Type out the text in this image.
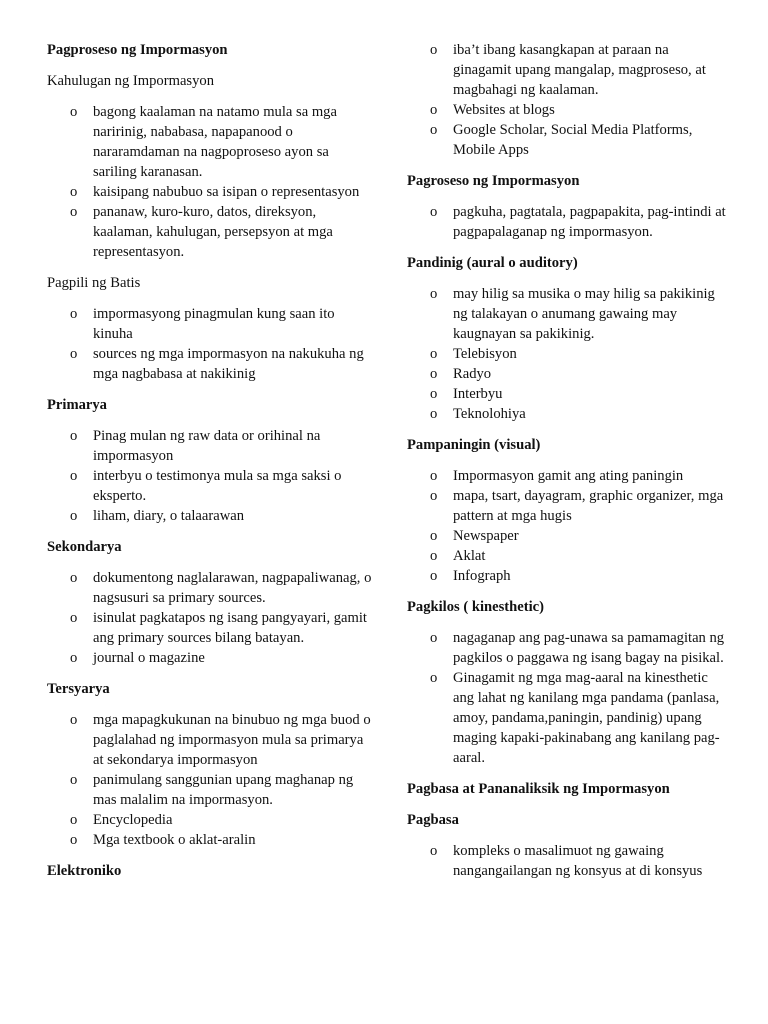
Pagproseso ng Impormasyon

Kahulugan ng Impormasyon

o bagong kaalaman na natamo mula sa mga naririnig, nababasa, napapanood o nararamdaman na nagpoproseso ayon sa sariling karanasan.
o kaisipang nabubuo sa isipan o representasyon
o pananaw, kuro-kuro, datos, direksyon, kaalaman, kahulugan, persepsyon at mga representasyon.

Pagpili ng Batis

o impormasyong pinagmulan kung saan ito kinuha
o sources ng mga impormasyon na nakukuha ng mga nagbabasa at nakikinig

Primarya

o Pinag mulan ng raw data or orihinal na impormasyon
o interbyu o testimonya mula sa mga saksi o eksperto.
o liham, diary, o talaarawan

Sekondarya

o dokumentong naglalarawan, nagpapaliwanag, o nagsusuri sa primary sources.
o isinulat pagkatapos ng isang pangyayari, gamit ang primary sources bilang batayan.
o journal o magazine

Tersyarya

o mga mapagkukunan na binubuo ng mga buod o paglalahad ng impormasyon mula sa primarya at sekondarya impormasyon
o panimulang sanggunian upang maghanap ng mas malalim na impormasyon.
o Encyclopedia
o Mga textbook o aklat-aralin

Elektroniko

o iba’t ibang kasangkapan at paraan na ginagamit upang mangalap, magproseso, at magbahagi ng kaalaman.
o Websites at blogs
o Google Scholar, Social Media Platforms, Mobile Apps

Pagroseso ng Impormasyon

o pagkuha, pagtatala, pagpapakita, pag-intindi at pagpapalaganap ng impormasyon.

Pandinig (aural o auditory)

o may hilig sa musika o may hilig sa pakikinig ng talakayan o anumang gawaing may kaugnayan sa pakikinig.
o Telebisyon
o Radyo
o Interbyu
o Teknolohiya

Pampaningin (visual)

o Impormasyon gamit ang ating paningin
o mapa, tsart, dayagram, graphic organizer, mga pattern at mga hugis
o Newspaper
o Aklat
o Infograph

Pagkilos ( kinesthetic)

o nagaganap ang pag-unawa sa pamamagitan ng pagkilos o paggawa ng isang bagay na pisikal.
o Ginagamit ng mga mag-aaral na kinesthetic ang lahat ng kanilang mga pandama (panlasa, amoy, pandama,paningin, pandinig) upang maging kapaki-pakinabang ang kanilang pag-aaral.

Pagbasa at Pananaliksik ng Impormasyon

Pagbasa

o kompleks o masalimuot ng gawaing nangangailangan ng konsyus at di konsyus
